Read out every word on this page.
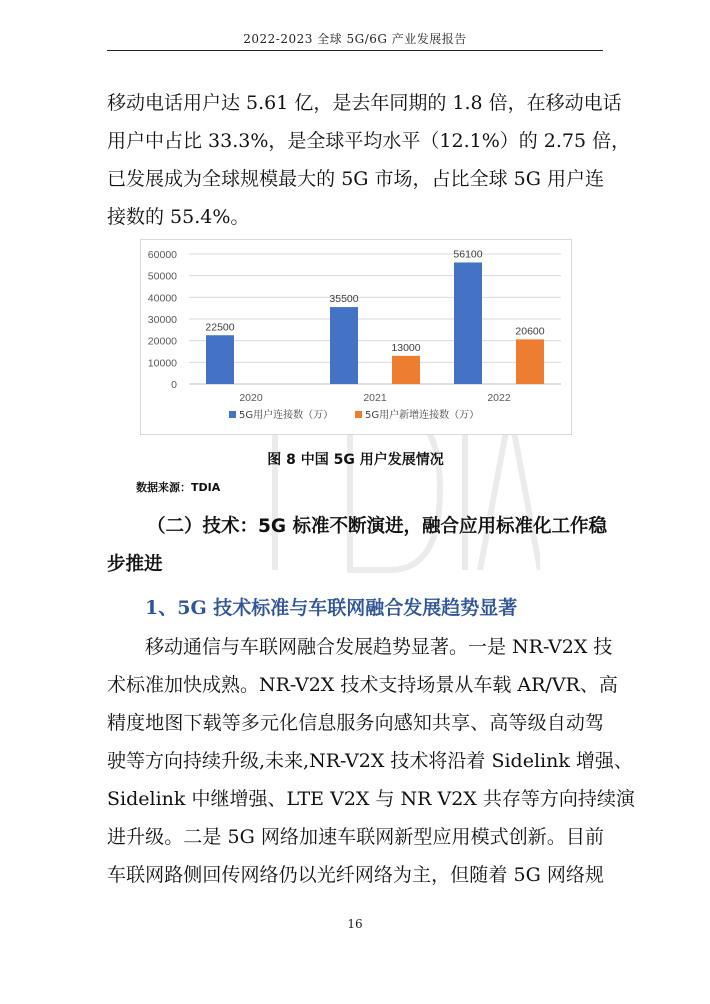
2022-2023 全球 5G/6G 产业发展报告

移动电话用户达 5.61 亿，是去年同期的 1.8 倍，在移动电话
用户中占比 33.3%，是全球平均水平（12.1%）的 2.75 倍，
已发展成为全球规模最大的 5G 市场，占比全球 5G 用户连
接数的 55.4%。

60000
50000
40000
30000
20000
10000
0
2020
22500
2021
35500
13000
2022
56100
20600
5G用户连接数（万）	5G用户新增连接数（万）
图 8 中国 5G 用户发展情况
数据来源：TDIA
（二）技术：5G 标准不断演进，融合应用标准化工作稳
步推进
1、5G 技术标准与车联网融合发展趋势显著

移动通信与车联网融合发展趋势显著。一是 NR-V2X 技
术标准加快成熟。NR-V2X 技术支持场景从车载 AR/VR、高
精度地图下载等多元化信息服务向感知共享、高等级自动驾
驶等方向持续升级,未来,NR-V2X 技术将沿着 Sidelink 增强、
Sidelink 中继增强、LTE V2X 与 NR V2X 共存等方向持续演
进升级。二是 5G 网络加速车联网新型应用模式创新。目前
车联网路侧回传网络仍以光纤网络为主，但随着 5G 网络规

16
